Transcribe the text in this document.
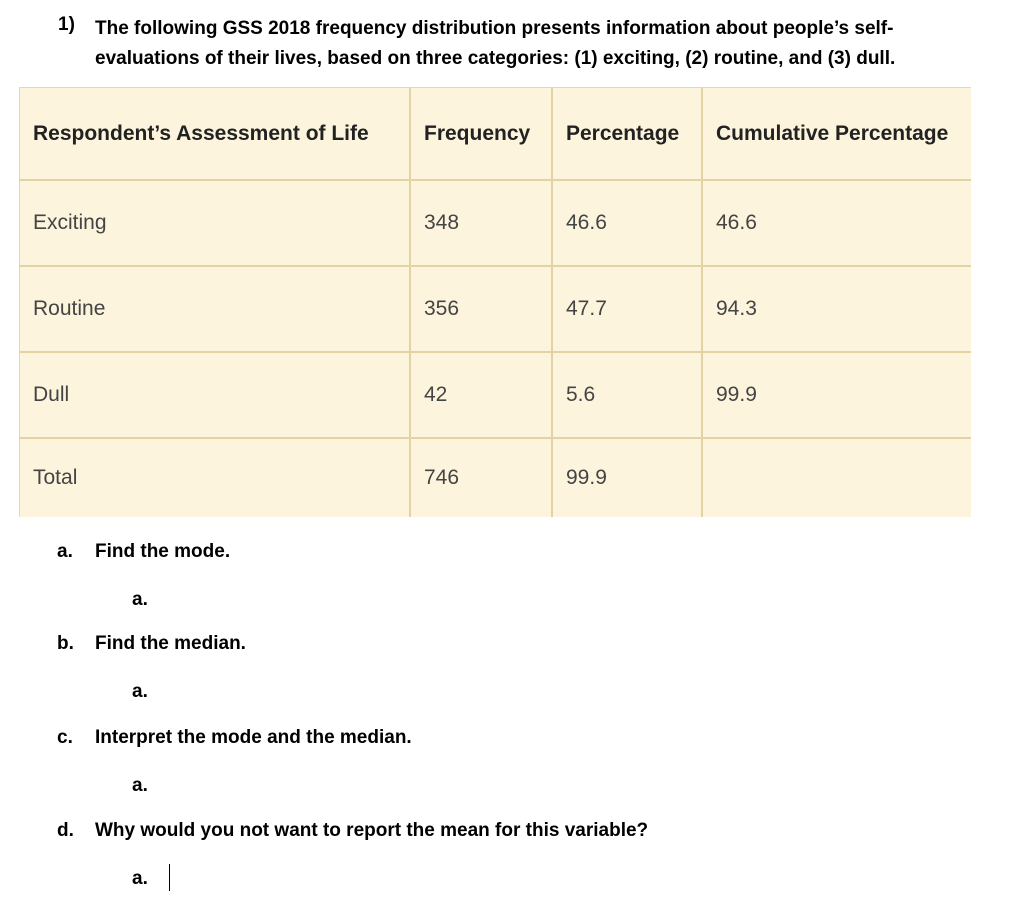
1) The following GSS 2018 frequency distribution presents information about people’s self-
evaluations of their lives, based on three categories: (1) exciting, (2) routine, and (3) dull.
Respondent’s Assessment of Life	Frequency	Percentage	Cumulative Percentage
Exciting	348	46.6	46.6
Routine	356	47.7	94.3
Dull	42	5.6	99.9
Total	746	99.9	
a. Find the mode.
a.
b. Find the median.
a.
c. Interpret the mode and the median.
a.
d. Why would you not want to report the mean for this variable?
a.
